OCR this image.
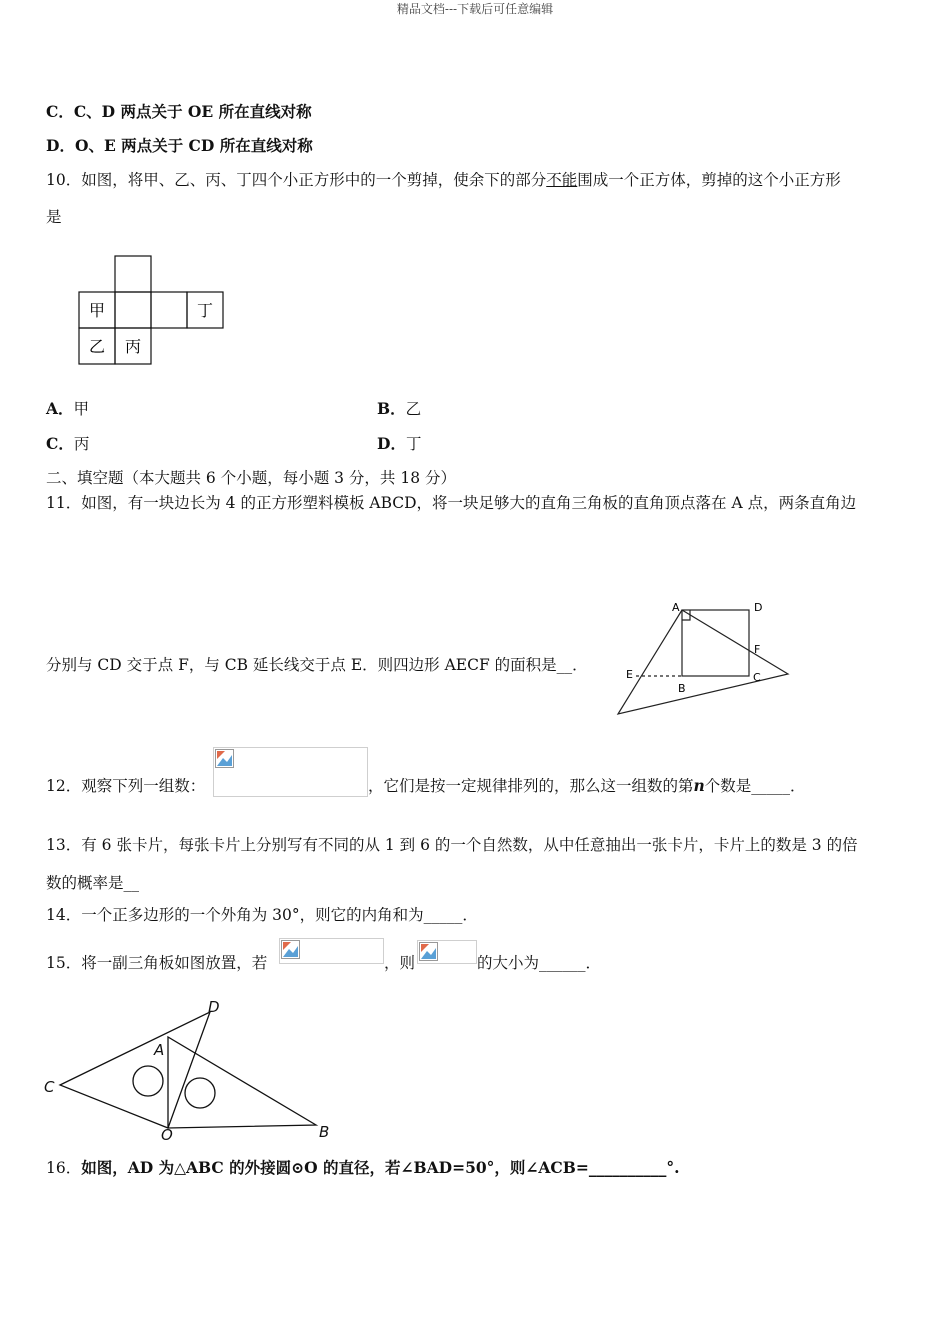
精品文档---下载后可任意编辑
C．C、D 两点关于 OE 所在直线对称
D．O、E 两点关于 CD 所在直线对称
10．如图，将甲、乙、丙、丁四个小正方形中的一个剪掉，使余下的部分不能围成一个正方体，剪掉的这个小正方形
是
甲	丁
乙 丙
A．甲	B．乙
C．丙	D．丁
二、填空题（本大题共 6 个小题，每小题 3 分，共 18 分）
11．如图，有一块边长为 4 的正方形塑料模板 ABCD，将一块足够大的直角三角板的直角顶点落在 A 点，两条直角边
分别与 CD 交于点 F，与 CB 延长线交于点 E．则四边形 AECF 的面积是__．
A	D
F
E
B
C
12．观察下列一组数：	，它们是按一定规律排列的，那么这一组数的第n个数是_____．
13．有 6 张卡片，每张卡片上分别写有不同的从 1 到 6 的一个自然数，从中任意抽出一张卡片，卡片上的数是 3 的倍
数的概率是__
14．一个正多边形的一个外角为 30°，则它的内角和为_____．
15．将一副三角板如图放置，若	，则	的大小为______．
C
D
A
O	B
16．如图，AD 为△ABC 的外接圆⊙O 的直径，若∠BAD=50°，则∠ACB=__________°.
